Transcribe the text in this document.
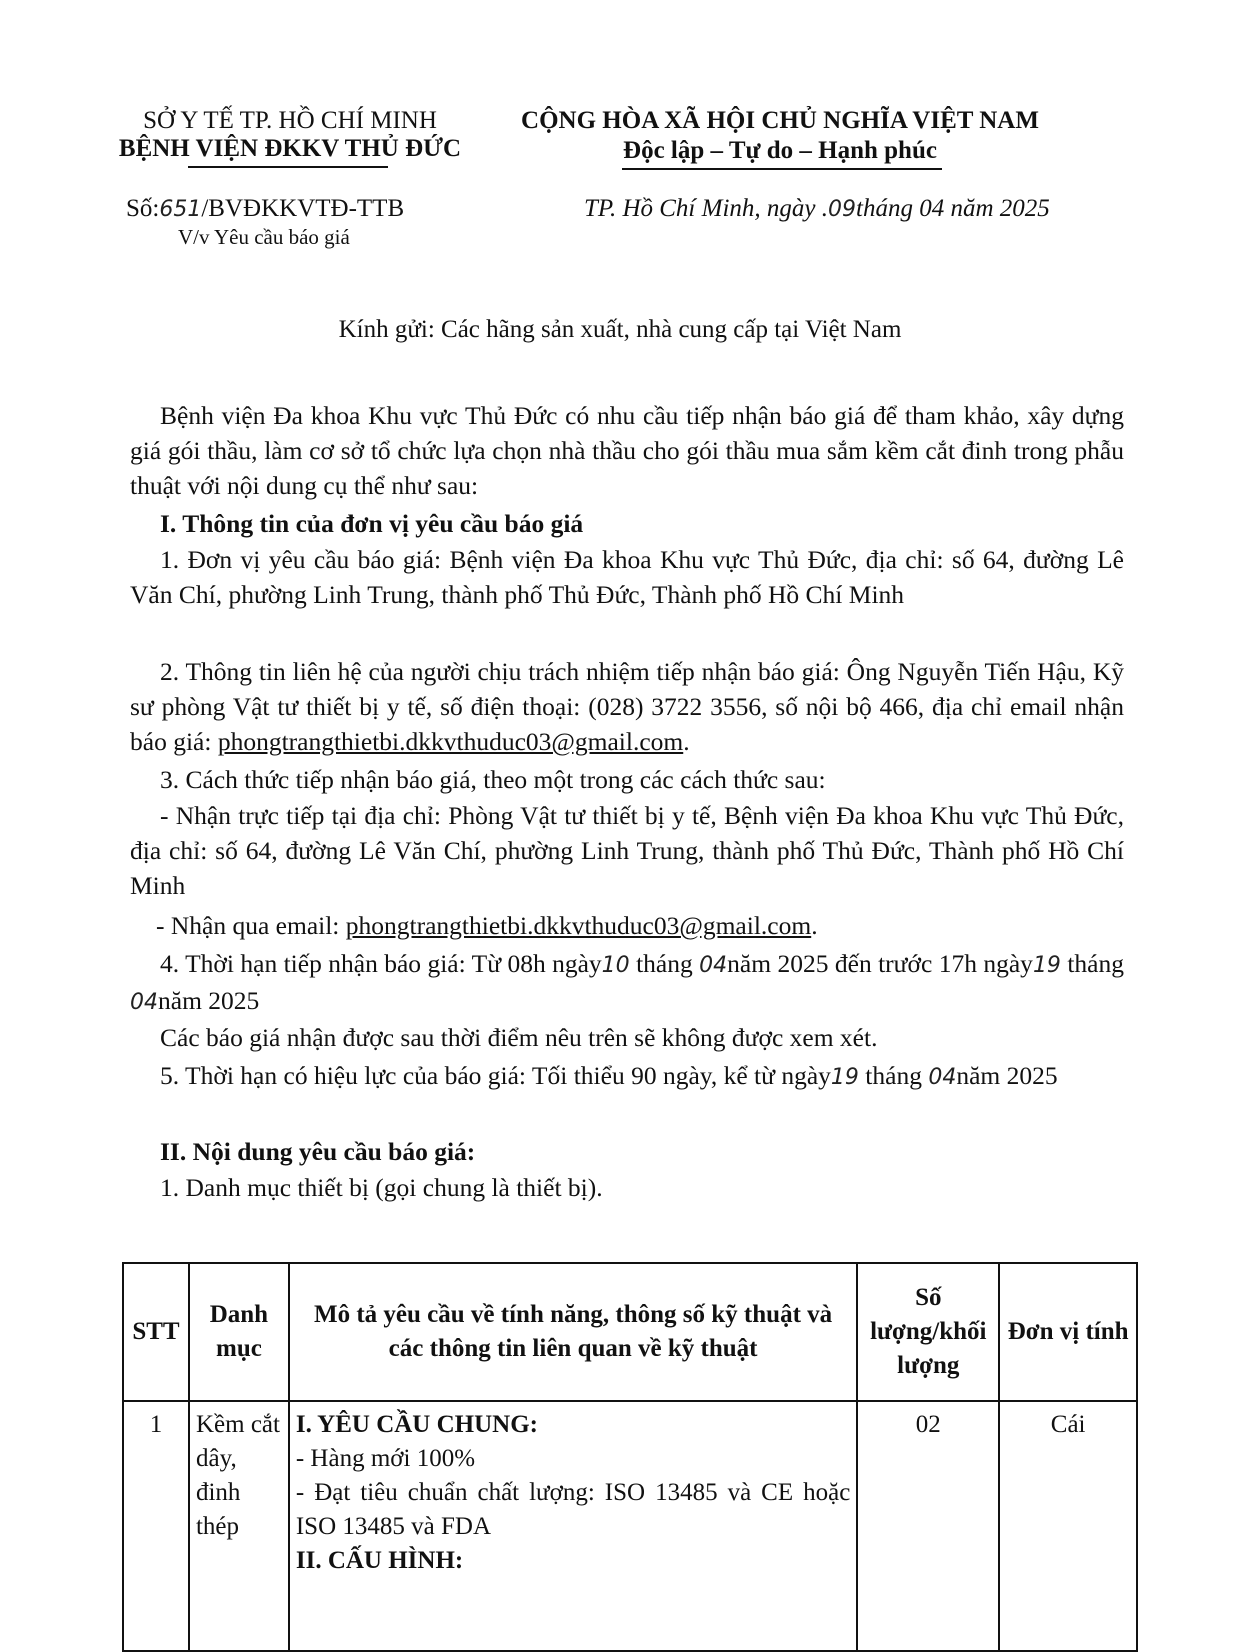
SỞ Y TẾ TP. HỒ CHÍ MINH
BỆNH VIỆN ĐKKV THỦ ĐỨC
CỘNG HÒA XÃ HỘI CHỦ NGHĨA VIỆT NAM
Độc lập – Tự do – Hạnh phúc
Số:651/BVĐKKVTĐ-TTB
V/v Yêu cầu báo giá
TP. Hồ Chí Minh, ngày .09tháng 04 năm 2025
Kính gửi: Các hãng sản xuất, nhà cung cấp tại Việt Nam
Bệnh viện Đa khoa Khu vực Thủ Đức có nhu cầu tiếp nhận báo giá để tham khảo, xây dựng giá gói thầu, làm cơ sở tổ chức lựa chọn nhà thầu cho gói thầu mua sắm kềm cắt đinh trong phẫu thuật với nội dung cụ thể như sau:
I. Thông tin của đơn vị yêu cầu báo giá
1. Đơn vị yêu cầu báo giá: Bệnh viện Đa khoa Khu vực Thủ Đức, địa chỉ: số 64, đường Lê Văn Chí, phường Linh Trung, thành phố Thủ Đức, Thành phố Hồ Chí Minh
2. Thông tin liên hệ của người chịu trách nhiệm tiếp nhận báo giá: Ông Nguyễn Tiến Hậu, Kỹ sư phòng Vật tư thiết bị y tế, số điện thoại: (028) 3722 3556, số nội bộ 466, địa chỉ email nhận báo giá: phongtrangthietbi.dkkvthuduc03@gmail.com.
3. Cách thức tiếp nhận báo giá, theo một trong các cách thức sau:
- Nhận trực tiếp tại địa chỉ: Phòng Vật tư thiết bị y tế, Bệnh viện Đa khoa Khu vực Thủ Đức, địa chỉ: số 64, đường Lê Văn Chí, phường Linh Trung, thành phố Thủ Đức, Thành phố Hồ Chí Minh
- Nhận qua email: phongtrangthietbi.dkkvthuduc03@gmail.com.
4. Thời hạn tiếp nhận báo giá: Từ 08h ngày10 tháng 04năm 2025 đến trước 17h ngày19 tháng 04năm 2025
Các báo giá nhận được sau thời điểm nêu trên sẽ không được xem xét.
5. Thời hạn có hiệu lực của báo giá: Tối thiểu 90 ngày, kể từ ngày19 tháng 04năm 2025
II. Nội dung yêu cầu báo giá:
1. Danh mục thiết bị (gọi chung là thiết bị).
STT	Danh mục	Mô tả yêu cầu về tính năng, thông số kỹ thuật và các thông tin liên quan về kỹ thuật	Số lượng/khối lượng	Đơn vị tính
1	Kềm cắt dây, đinh thép	I. YÊU CẦU CHUNG:
- Hàng mới 100%
- Đạt tiêu chuẩn chất lượng: ISO 13485 và CE hoặc ISO 13485 và FDA
II. CẤU HÌNH:	02	Cái
